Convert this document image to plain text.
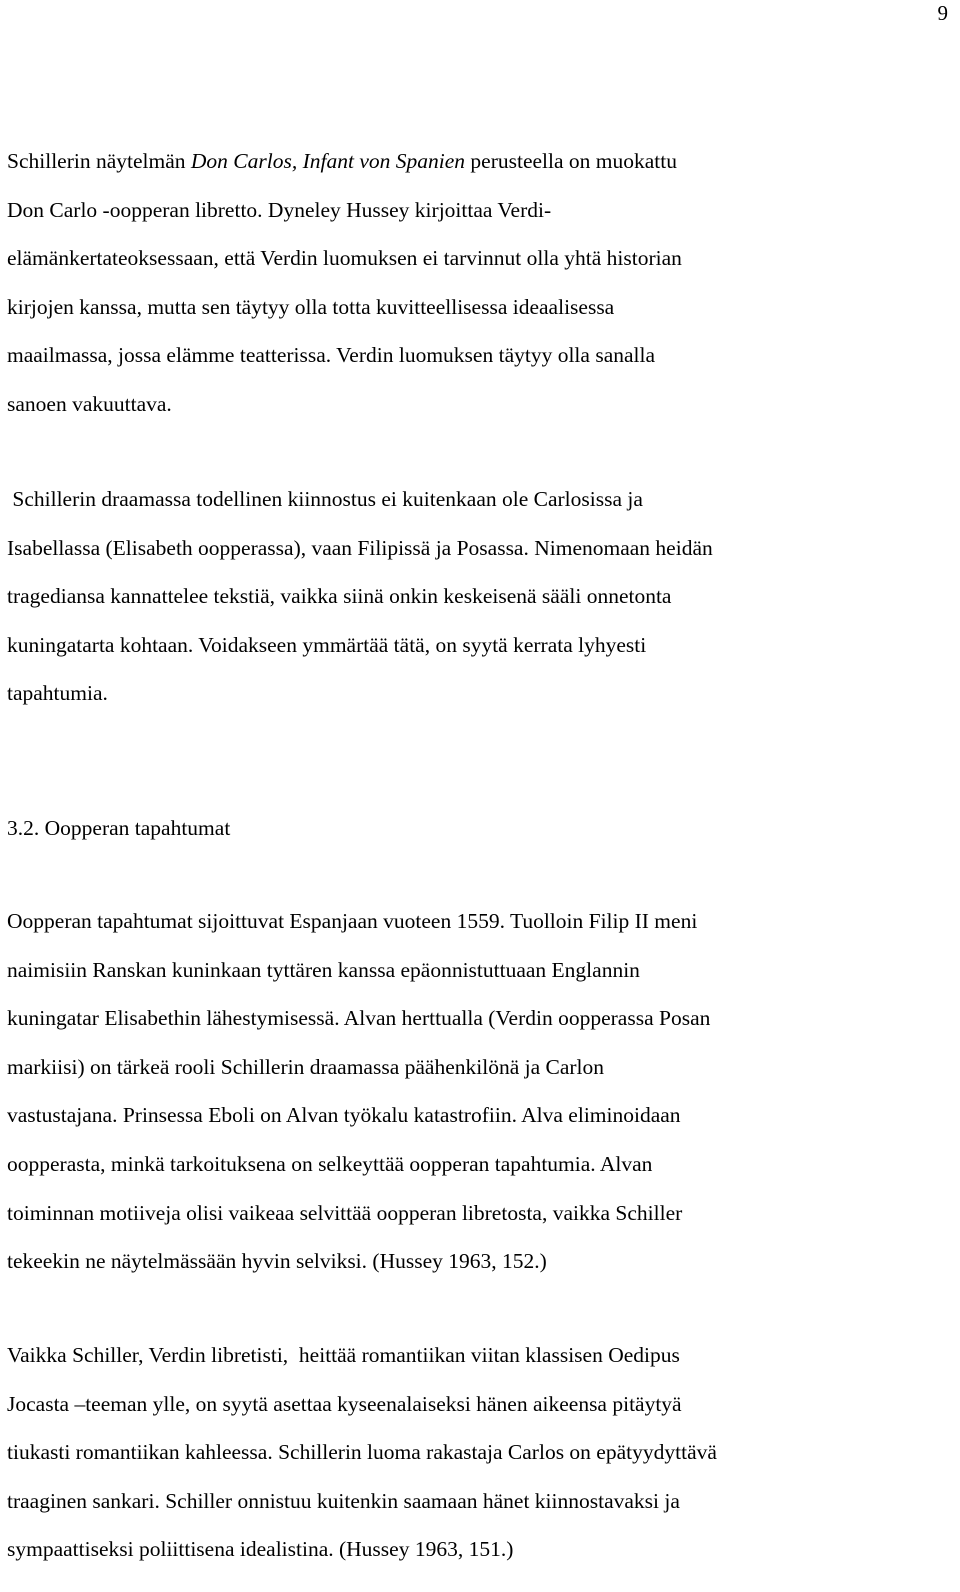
9
Schillerin näytelmän Don Carlos, Infant von Spanien perusteella on muokattu
Don Carlo -oopperan libretto. Dyneley Hussey kirjoittaa Verdi-
elämänkertateoksessaan, että Verdin luomuksen ei tarvinnut olla yhtä historian
kirjojen kanssa, mutta sen täytyy olla totta kuvitteellisessa ideaalisessa
maailmassa, jossa elämme teatterissa. Verdin luomuksen täytyy olla sanalla
sanoen vakuuttava.
Schillerin draamassa todellinen kiinnostus ei kuitenkaan ole Carlosissa ja
Isabellassa (Elisabeth oopperassa), vaan Filipissä ja Posassa. Nimenomaan heidän
tragediansa kannattelee tekstiä, vaikka siinä onkin keskeisenä sääli onnetonta
kuningatarta kohtaan. Voidakseen ymmärtää tätä, on syytä kerrata lyhyesti
tapahtumia.
3.2. Oopperan tapahtumat
Oopperan tapahtumat sijoittuvat Espanjaan vuoteen 1559. Tuolloin Filip II meni
naimisiin Ranskan kuninkaan tyttären kanssa epäonnistuttuaan Englannin
kuningatar Elisabethin lähestymisessä. Alvan herttualla (Verdin oopperassa Posan
markiisi) on tärkeä rooli Schillerin draamassa päähenkilönä ja Carlon
vastustajana. Prinsessa Eboli on Alvan työkalu katastrofiin. Alva eliminoidaan
oopperasta, minkä tarkoituksena on selkeyttää oopperan tapahtumia. Alvan
toiminnan motiiveja olisi vaikeaa selvittää oopperan libretosta, vaikka Schiller
tekeekin ne näytelmässään hyvin selviksi. (Hussey 1963, 152.)
Vaikka Schiller, Verdin libretisti,  heittää romantiikan viitan klassisen Oedipus
Jocasta –teeman ylle, on syytä asettaa kyseenalaiseksi hänen aikeensa pitäytyä
tiukasti romantiikan kahleessa. Schillerin luoma rakastaja Carlos on epätyydyttävä
traaginen sankari. Schiller onnistuu kuitenkin saamaan hänet kiinnostavaksi ja
sympaattiseksi poliittisena idealistina. (Hussey 1963, 151.)
